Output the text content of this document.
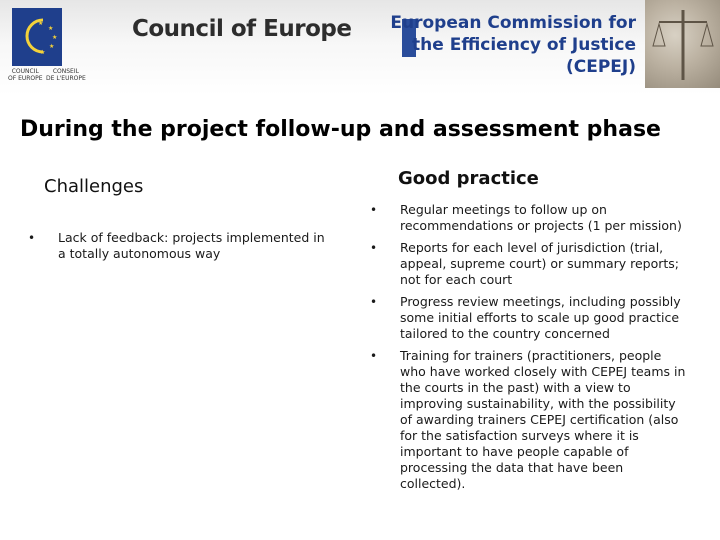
★
★
★
★
★
COUNCIL
OF EUROPE
CONSEIL
DE L'EUROPE
Council of Europe European Commission for
the Efficiency of Justice (CEPEJ)
During the project follow-up and assessment phase
Challenges	Good practice
• Lack of feedback: projects implemented in a totally autonomous way
• Regular meetings to follow up on recommendations or projects (1 per mission)
• Reports for each level of jurisdiction (trial, appeal, supreme court) or summary reports; not for each court
• Progress review meetings, including possibly some initial efforts to scale up good practice tailored to the country concerned
• Training for trainers (practitioners, people who have worked closely with CEPEJ teams in the courts in the past) with a view to improving sustainability, with the possibility of awarding trainers CEPEJ certification (also for the satisfaction surveys where it is important to have people capable of processing the data that have been collected).
